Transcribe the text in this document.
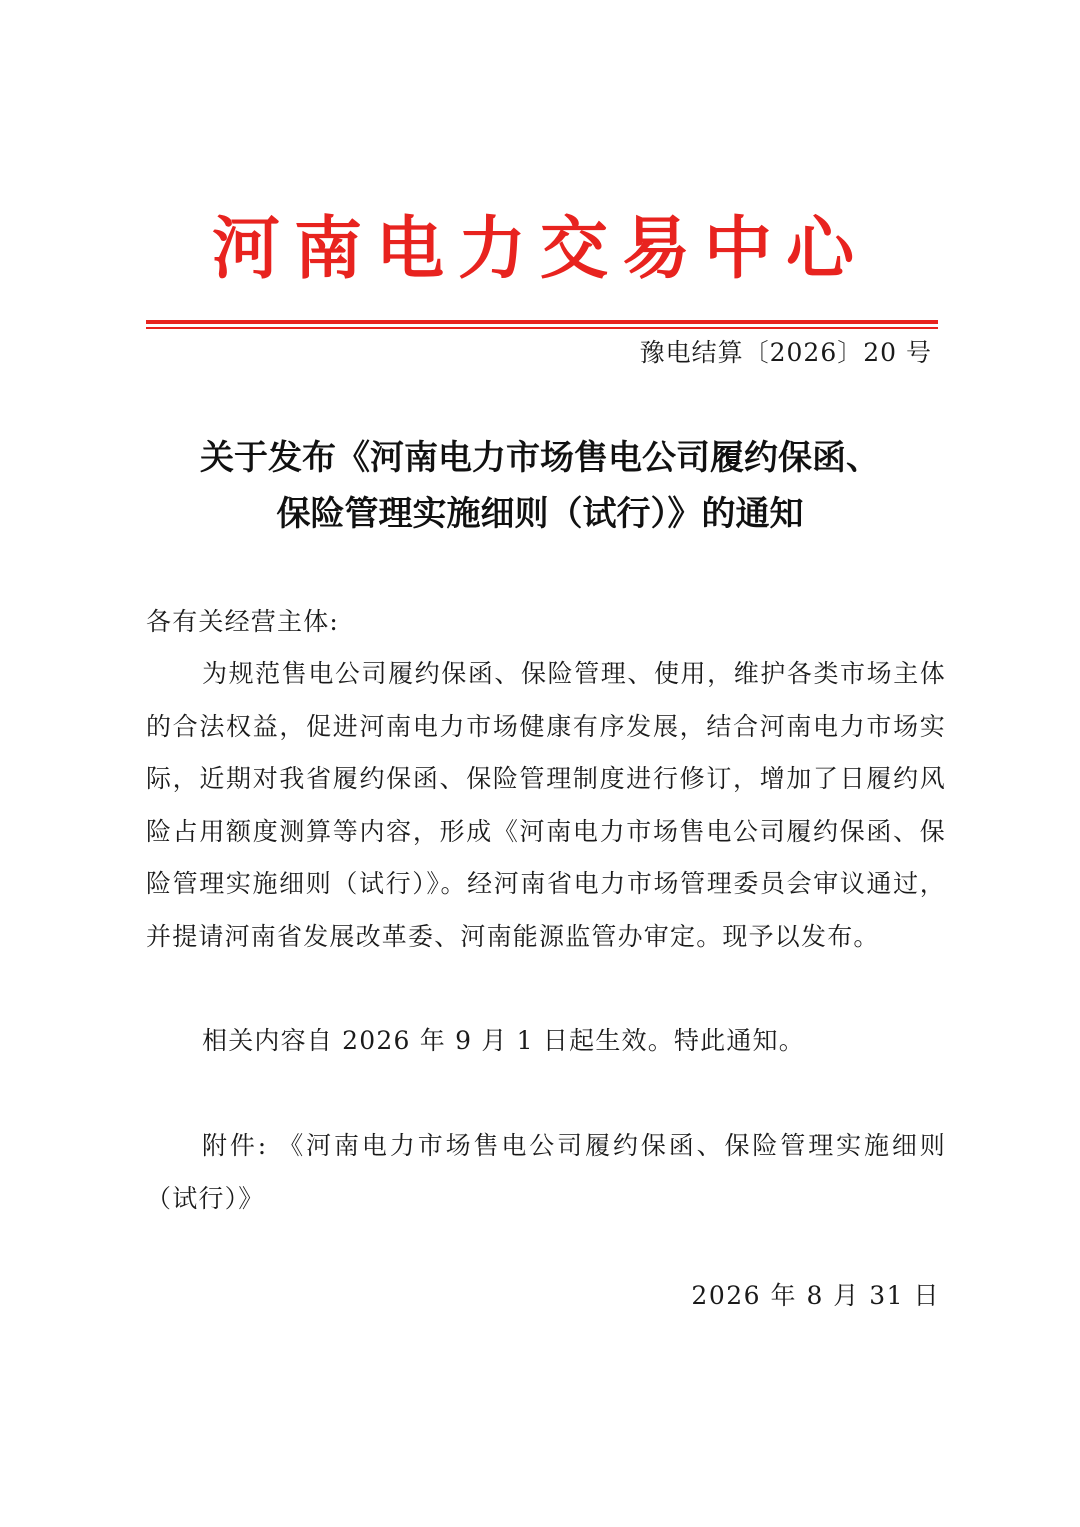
河南电力交易中心
豫电结算〔2026〕20 号
关于发布《河南电力市场售电公司履约保函、
保险管理实施细则（试行）》的通知
各有关经营主体:
为规范售电公司履约保函、保险管理、使用，维护各类市场主体的合法权益，促进河南电力市场健康有序发展，结合河南电力市场实际，近期对我省履约保函、保险管理制度进行修订，增加了日履约风险占用额度测算等内容，形成《河南电力市场售电公司履约保函、保险管理实施细则（试行）》。经河南省电力市场管理委员会审议通过，并提请河南省发展改革委、河南能源监管办审定。现予以发布。
相关内容自 2026 年 9 月 1 日起生效。特此通知。
附件: 《河南电力市场售电公司履约保函、保险管理实施细则（试行）》
2026 年 8 月 31 日
